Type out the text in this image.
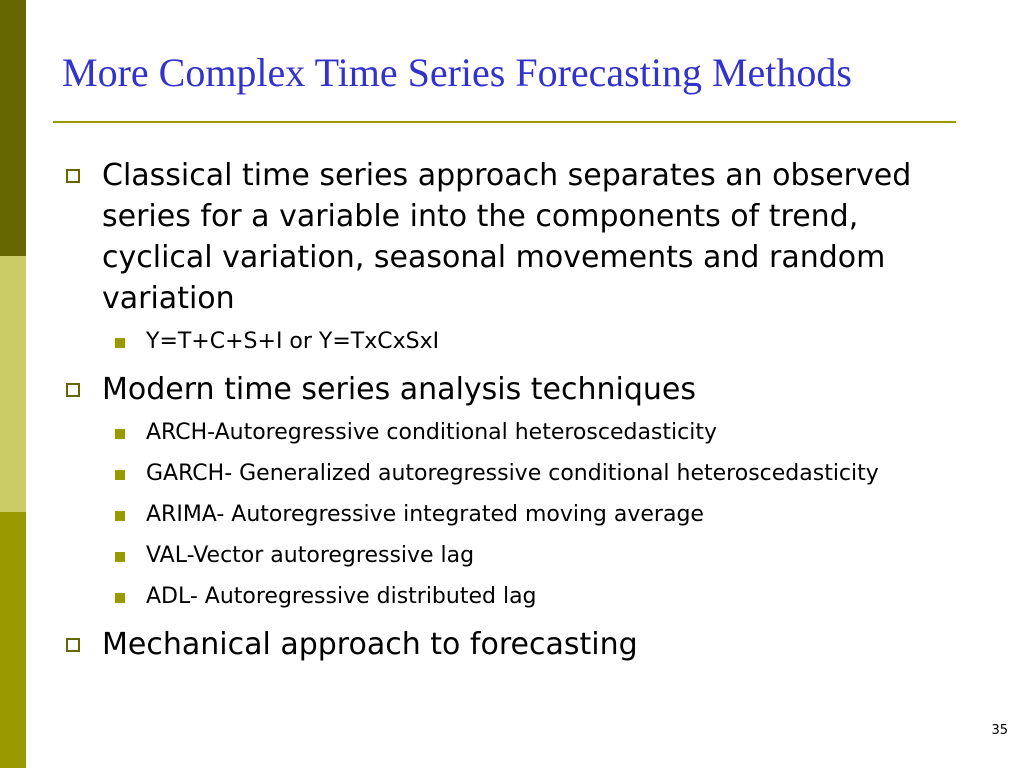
More Complex Time Series Forecasting Methods
Classical time series approach separates an observed series for a variable into the components of trend, cyclical variation, seasonal movements and random variation
Y=T+C+S+I or Y=TxCxSxI
Modern time series analysis techniques
ARCH-Autoregressive conditional heteroscedasticity
GARCH- Generalized autoregressive conditional heteroscedasticity
ARIMA- Autoregressive integrated moving average
VAL-Vector autoregressive lag
ADL- Autoregressive distributed lag
Mechanical approach to forecasting
35
